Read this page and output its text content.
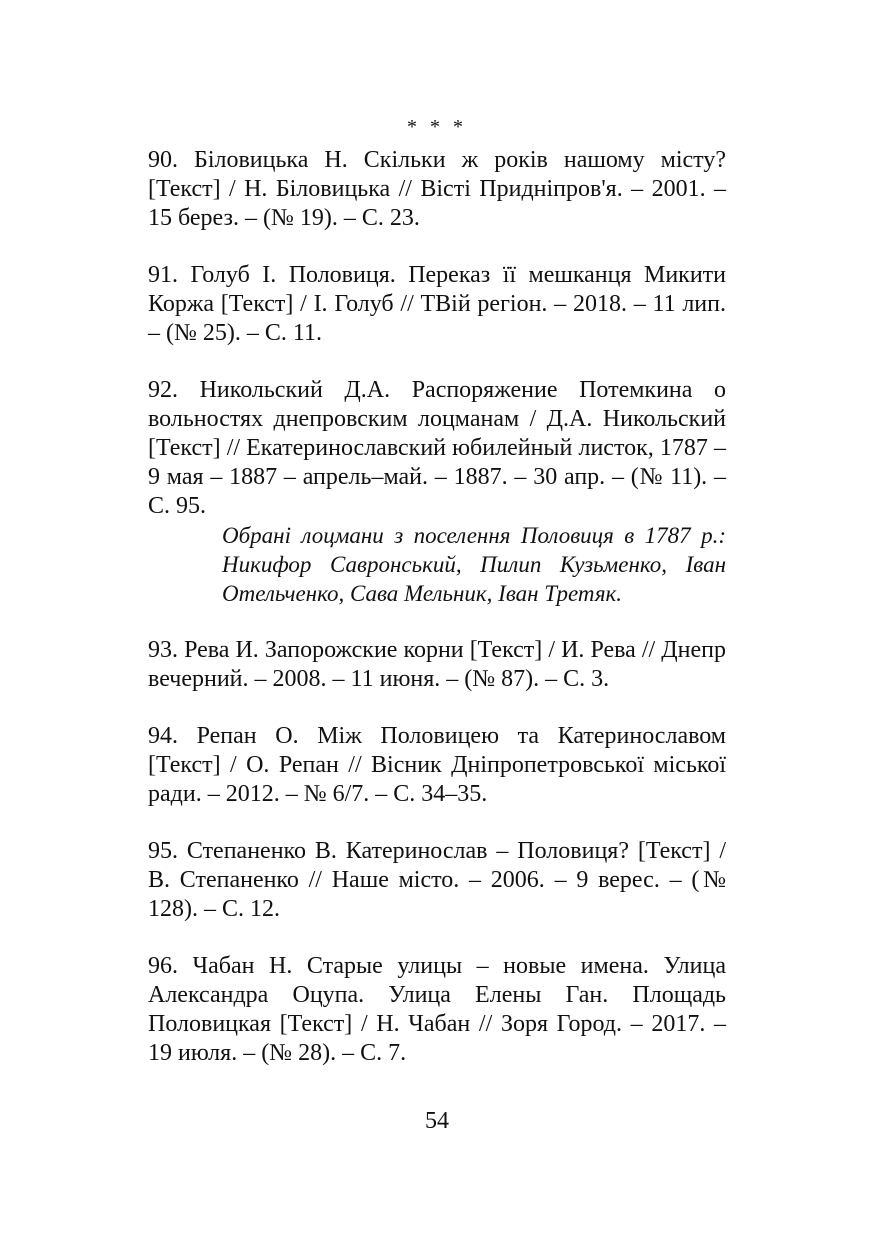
* * *

90. Біловицька Н. Скільки ж років нашому місту? [Текст] / Н. Біловицька // Вісті Придніпров'я. – 2001. – 15 берез. – (№ 19). – С. 23.

91. Голуб І. Половиця. Переказ її мешканця Микити Коржа [Текст] / І. Голуб // ТВій регіон. – 2018. – 11 лип. – (№ 25). – С. 11.

92. Никольский Д.А. Распоряжение Потемкина о вольностях днепровским лоцманам / Д.А. Никольский [Текст] // Екатеринославский юбилейный листок, 1787 – 9 мая – 1887 – апрель–май. – 1887. – 30 апр. – (№ 11). – С. 95.

Обрані лоцмани з поселення Половиця в 1787 р.: Никифор Савронський, Пилип Кузьменко, Іван Отельченко, Сава Мельник, Іван Третяк.

93. Рева И. Запорожские корни [Текст] / И. Рева // Днепр вечерний. – 2008. – 11 июня. – (№ 87). – С. 3.

94. Репан О. Між Половицею та Катеринославом [Текст] / О. Репан // Вісник Дніпропетровської міської ради. – 2012. – № 6/7. – С. 34–35.

95. Степаненко В. Катеринослав – Половиця? [Текст] / В. Степаненко // Наше місто. – 2006. – 9 верес. – (№ 128). – С. 12.

96. Чабан Н. Старые улицы – новые имена. Улица Александра Оцупа. Улица Елены Ган. Площадь Половицкая [Текст] / Н. Чабан // Зоря Город. – 2017. – 19 июля. – (№ 28). – С. 7.

54
